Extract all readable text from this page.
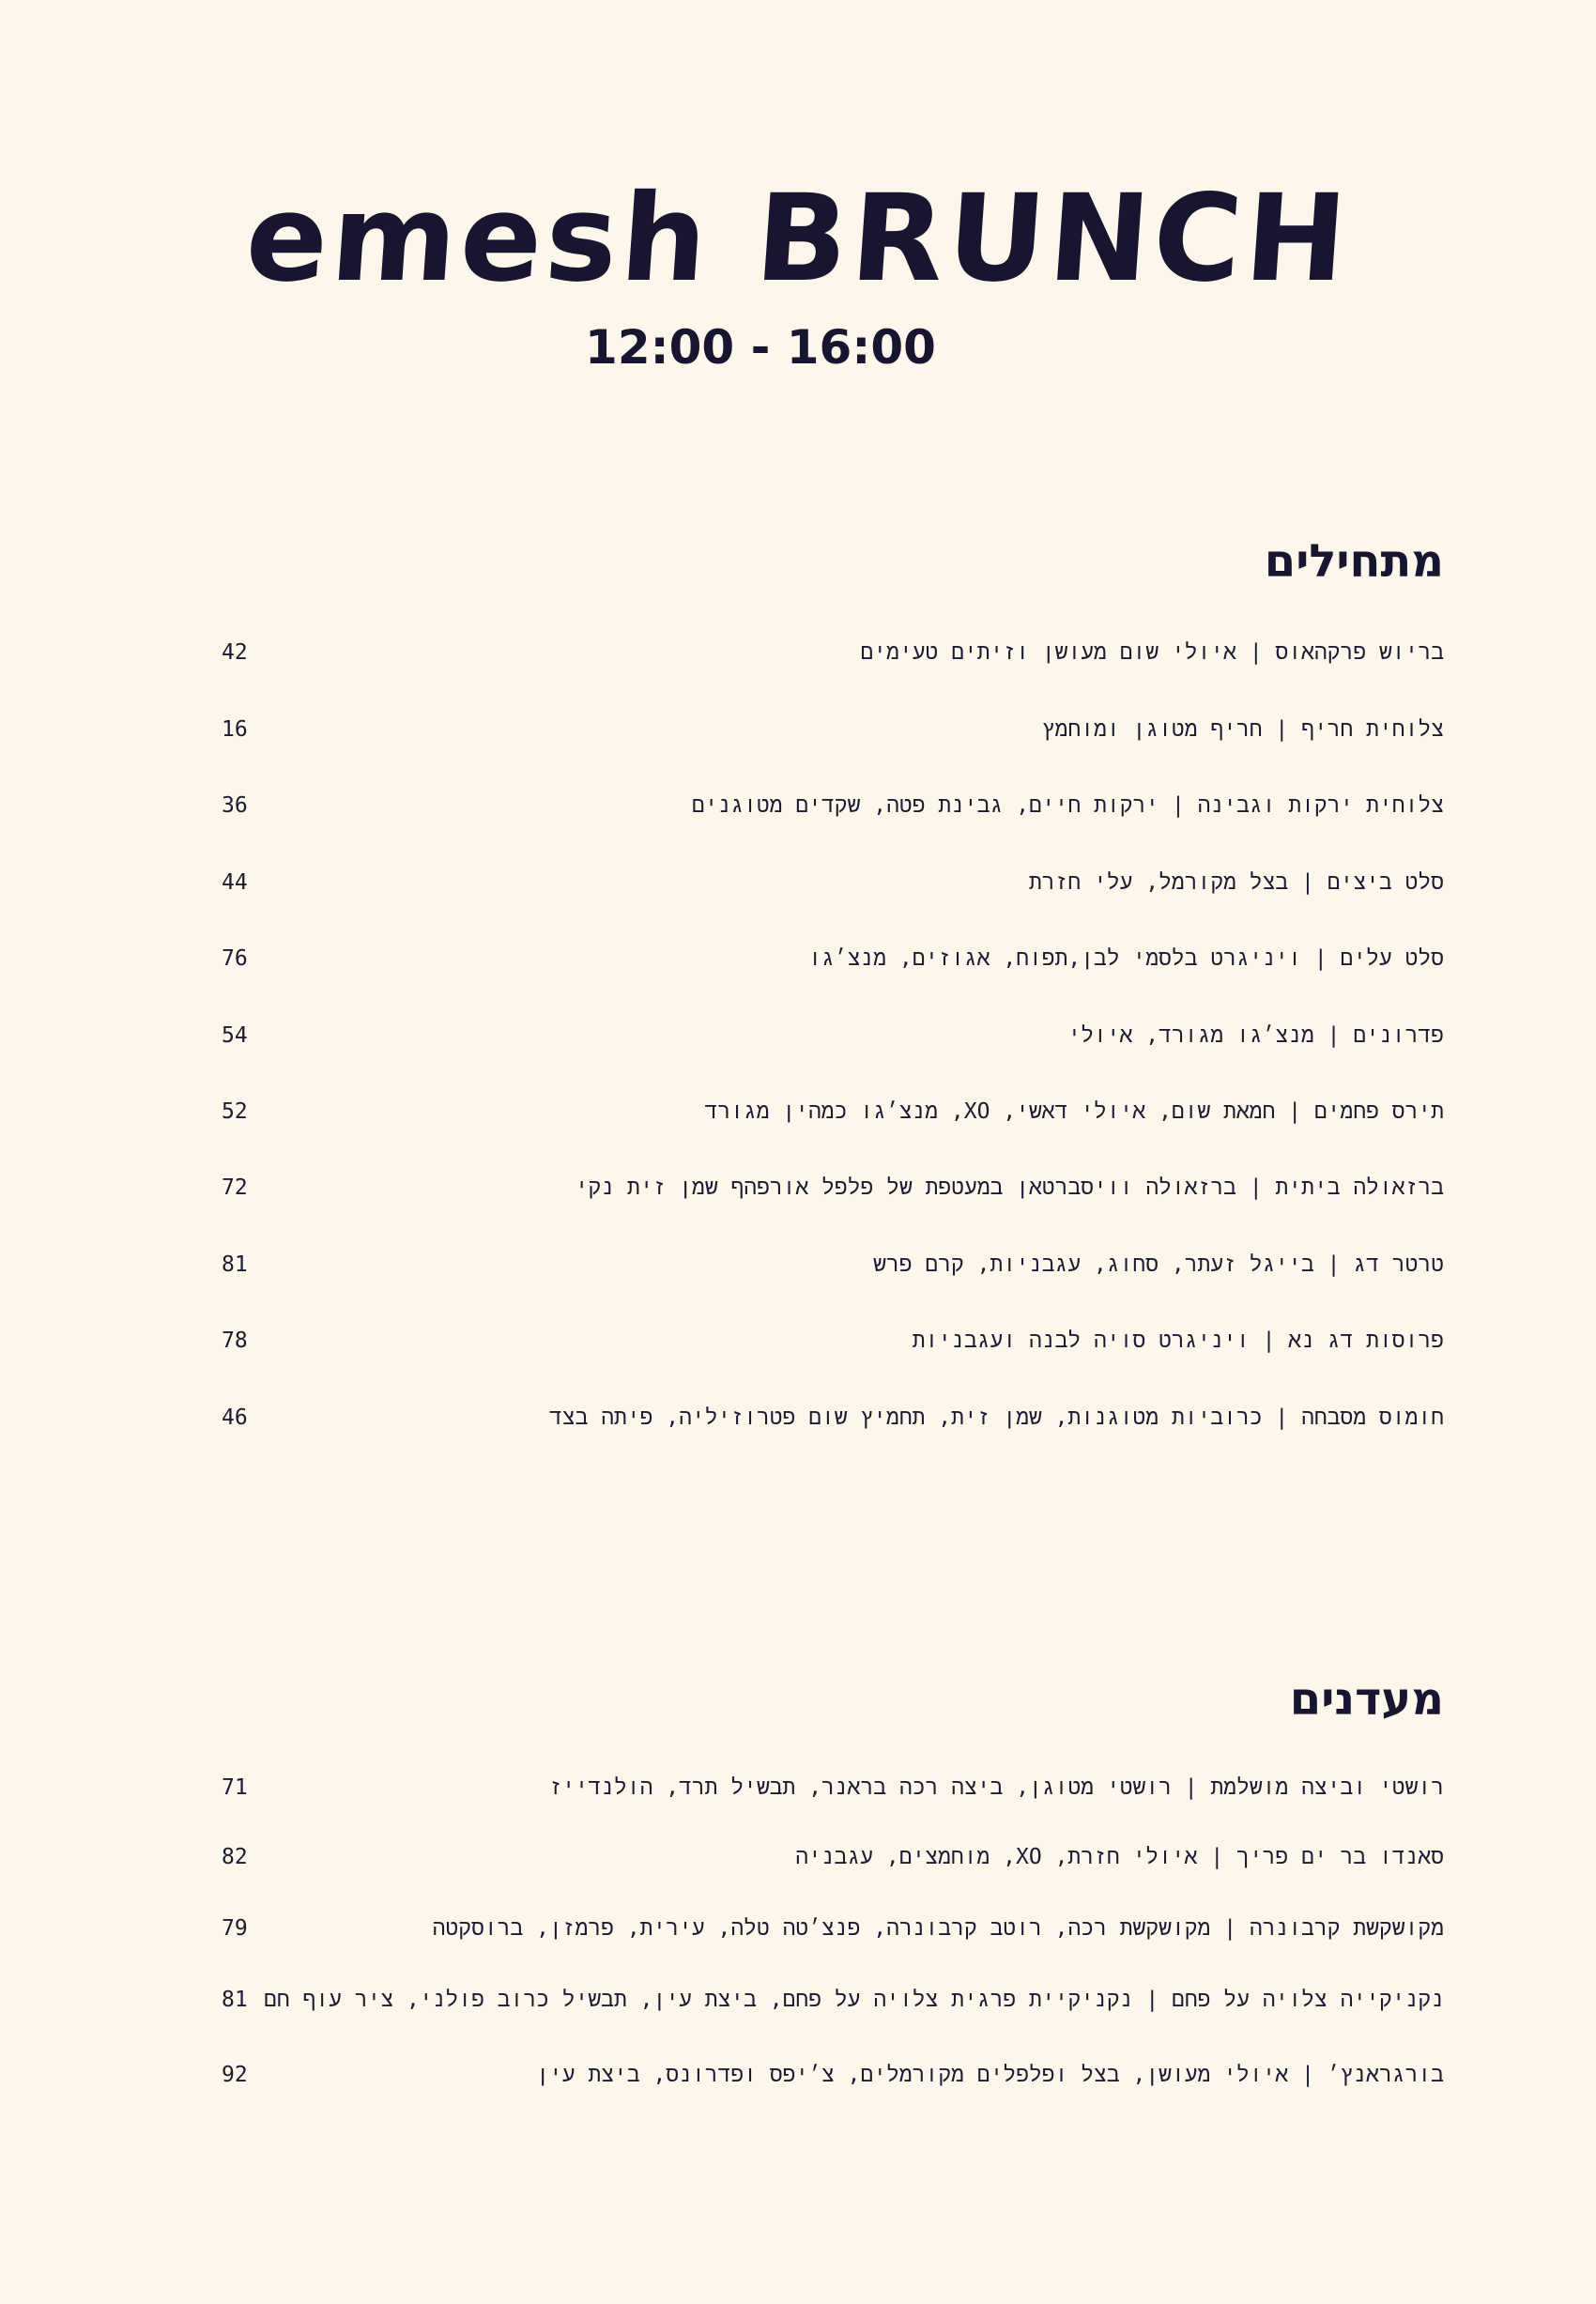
emesh BRUNCH
12:00 - 16:00
מתחילים
בריוש פרקהאוס | איולי שום מעושן וזיתים טעימים
42
צלוחית חריף | חריף מטוגן ומוחמץ
16
צלוחית ירקות וגבינה | ירקות חיים, גבינת פטה, שקדים מטוגנים
36
סלט ביצים | בצל מקורמל, עלי חזרת
44
סלט עלים | ויניגרט בלסמי לבן,תפוח, אגוזים, מנצ׳גו
76
פדרונים | מנצ׳גו מגורד, איולי
54
תירס פחמים | חמאת שום, איולי דאשי, XO, מנצ׳גו כמהין מגורד
52
ברזאולה ביתית | ברזאולה וויסברטאן במעטפת של פלפל אורפהף שמן זית נקי
72
טרטר דג | בייגל זעתר, סחוג, עגבניות, קרם פרש
81
פרוסות דג נא | ויניגרט סויה לבנה ועגבניות
78
חומוס מסבחה | כרוביות מטוגנות, שמן זית, תחמיץ שום פטרוזיליה, פיתה בצד
46
מעדנים
רושטי וביצה מושלמת | רושטי מטוגן, ביצה רכה בראנר, תבשיל תרד, הולנדייז
71
סאנדו בר ים פריך | איולי חזרת, XO, מוחמצים, עגבניה
82
מקושקשת קרבונרה | מקושקשת רכה, רוטב קרבונרה, פנצ׳טה טלה, עירית, פרמזן, ברוסקטה
79
נקניקייה צלויה על פחם | נקניקיית פרגית צלויה על פחם, ביצת עין, תבשיל כרוב פולני, ציר עוף חם
81
בורגראנץ׳ | איולי מעושן, בצל ופלפלים מקורמלים, צ׳יפס ופדרונס, ביצת עין
92
